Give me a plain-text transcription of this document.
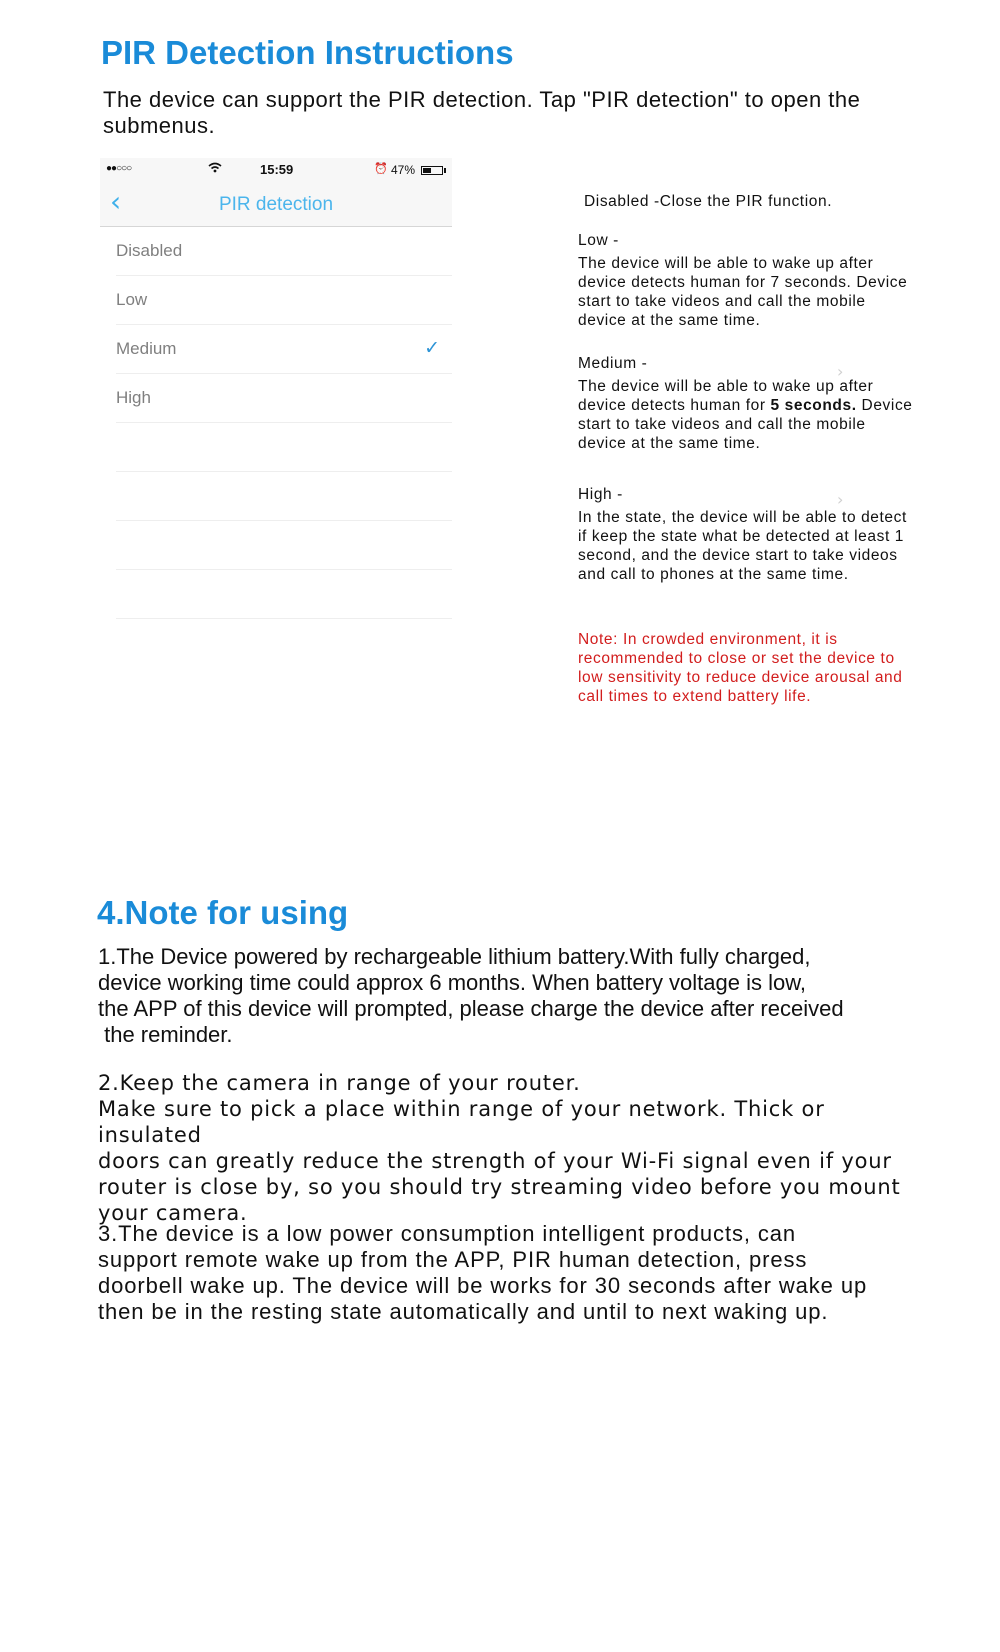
PIR Detection Instructions
The device can support the PIR detection. Tap "PIR detection" to open the submenus.
●●○○○	15:59	⏰ 47%
‹	PIR detection
Disabled
Low
Medium	✓
High
Disabled -Close the PIR function.

Low -

The device will be able to wake up after device detects human for 7 seconds. Device start to take videos and call the mobile device at the same time.

Medium -

The device will be able to wake up after device detects human for 5 seconds. Device start to take videos and call the mobile device at the same time.

›

High -

In the state, the device will be able to detect if keep the state what be detected at least 1 second, and the device start to take videos and call to phones at the same time.

›
Note: In crowded environment, it is recommended to close or set the device to low sensitivity to reduce device arousal and call times to extend battery life.
4.Note for using

1.The Device powered by rechargeable lithium battery.With fully charged,

device working time could approx 6 months. When battery voltage is low,

the APP of this device will prompted, please charge the device after received

the reminder.

2.Keep the camera in range of your router.

Make sure to pick a place within range of your network. Thick or insulated

doors can greatly reduce the strength of your Wi-Fi signal even if your

router is close by, so you should try streaming video before you mount

your camera.

3.The device is a low power consumption intelligent products, can

support remote wake up from the APP, PIR human detection, press

doorbell wake up. The device will be works for 30 seconds after wake up

then be in the resting state automatically and until to next waking up.
